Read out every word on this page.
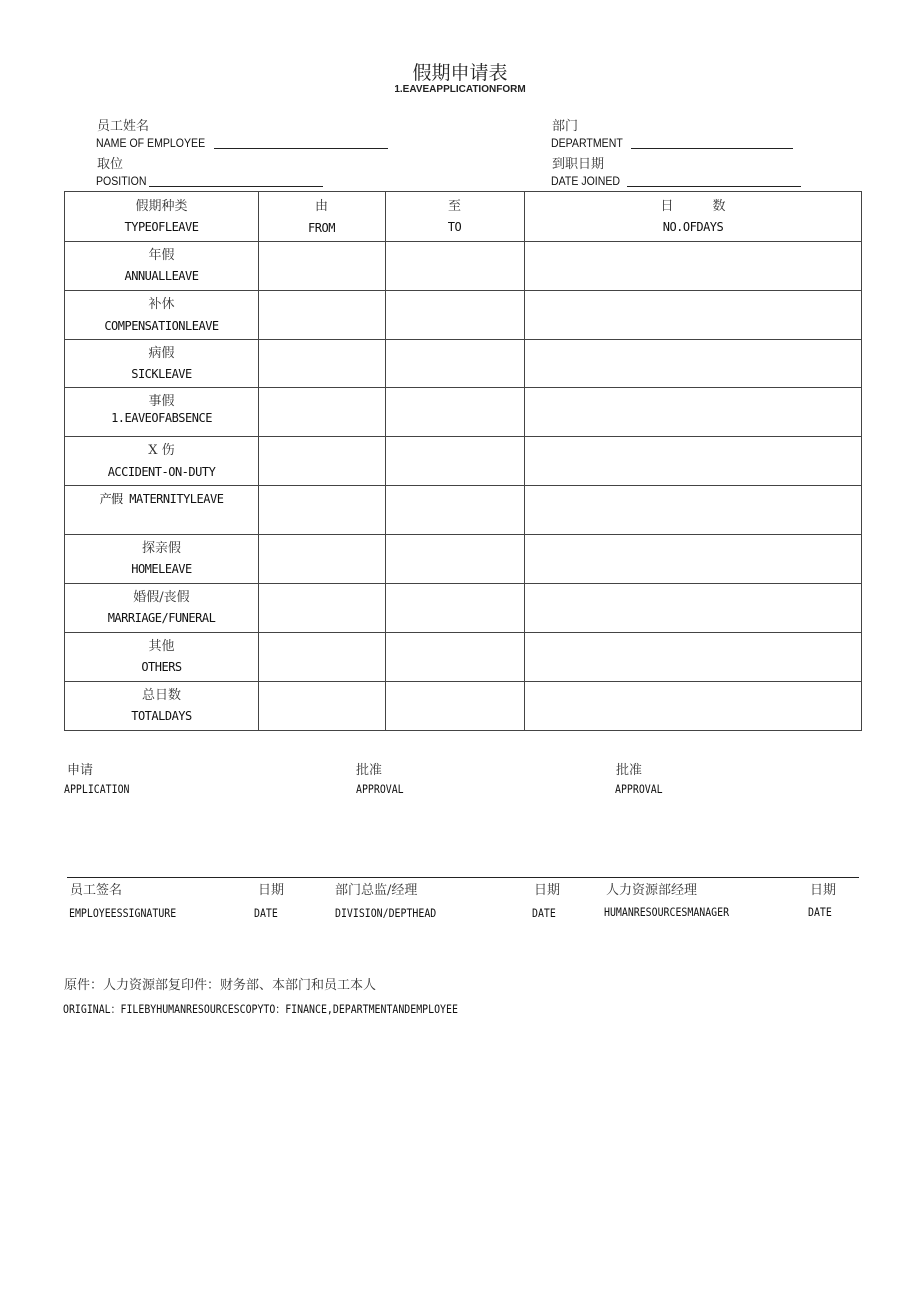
假期申请表
1.EAVEAPPLICATIONFORM
员工姓名
NAME OF EMPLOYEE
取位
POSITION
部门
DEPARTMENT
到职日期
DATE JOINED
假期种类
TYPEOFLEAVE
由
FROM
至
TO
日　　　数
NO.OFDAYS
年假
ANNUALLEAVE
补休
COMPENSATIONLEAVE
病假
SICKLEAVE
事假
1.EAVEOFABSENCE
X 伤
ACCIDENT-ON-DUTY
产假 MATERNITYLEAVE
探亲假
HOMELEAVE
婚假/丧假
MARRIAGE/FUNERAL
其他
OTHERS
总日数
TOTALDAYS
申请
APPLICATION
批准
APPROVAL
批准
APPROVAL
员工签名
EMPLOYEESSIGNATURE
日期
DATE
部门总监/经理
DIVISION/DEPTHEAD
日期
DATE
人力资源部经理
HUMANRESOURCESMANAGER
日期
DATE
原件：人力资源部复印件：财务部、本部门和员工本人
ORIGINAL：FILEBYHUMANRESOURCESCOPYTO：FINANCE,DEPARTMENTANDEMPLOYEE
